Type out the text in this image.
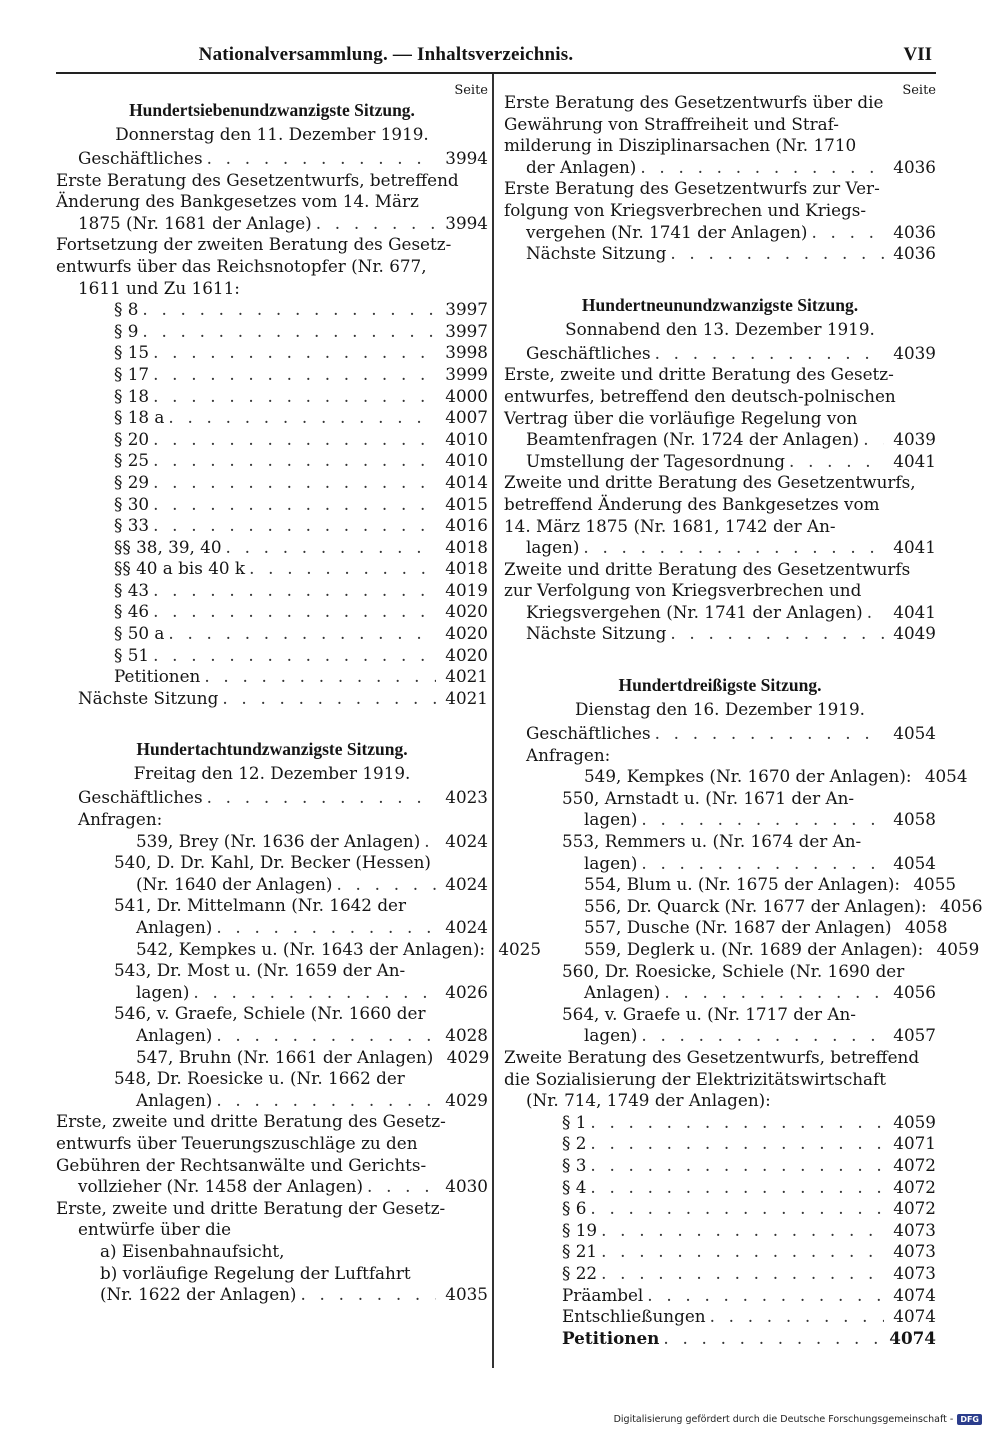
Nationalversammlung. — Inhaltsverzeichnis.	VII
Seite
Hundertsiebenundzwanzigste Sitzung.
Donnerstag den 11. Dezember 1919.
Geschäftliches . . .	3994
Erste Beratung des Gesetzentwurfs, betreffend
Änderung des Bankgesetzes vom 14. März
1875 (Nr. 1681 der Anlage) . . .	3994
Fortsetzung der zweiten Beratung des Gesetz-
entwurfs über das Reichsnotopfer (Nr. 677,
1611 und Zu 1611:
§ 8 . . .	3997
§ 9 . . .	3997
§ 15 . . .	3998
§ 17 . . .	3999
§ 18 . . .	4000
§ 18 a . . .	4007
§ 20 . . .	4010
§ 25 . . .	4010
§ 29 . . .	4014
§ 30 . . .	4015
§ 33 . . .	4016
§§ 38, 39, 40 . . .	4018
§§ 40 a bis 40 k . . .	4018
§ 43 . . .	4019
§ 46 . . .	4020
§ 50 a . . .	4020
§ 51 . . .	4020
Petitionen . . .	4021
Nächste Sitzung . . .	4021
Hundertachtundzwanzigste Sitzung.
Freitag den 12. Dezember 1919.
Geschäftliches . . .	4023
Anfragen:
539, Brey (Nr. 1636 der Anlagen) . . .	4024
540, D. Dr. Kahl, Dr. Becker (Hessen)
(Nr. 1640 der Anlagen) . . .	4024
541, Dr. Mittelmann (Nr. 1642 der
Anlagen) . . .	4024
542, Kempkes u. (Nr. 1643 der Anlagen): 4025
543, Dr. Most u. (Nr. 1659 der An-
lagen) . . .	4026
546, v. Graefe, Schiele (Nr. 1660 der
Anlagen) . . .	4028
547, Bruhn (Nr. 1661 der Anlagen) 4029
548, Dr. Roesicke u. (Nr. 1662 der
Anlagen) . . .	4029
Erste, zweite und dritte Beratung des Gesetz-
entwurfs über Teuerungszuschläge zu den
Gebühren der Rechtsanwälte und Gerichts-
vollzieher (Nr. 1458 der Anlagen) . . .	4030
Erste, zweite und dritte Beratung der Gesetz-
entwürfe über die
a) Eisenbahnaufsicht,
b) vorläufige Regelung der Luftfahrt
(Nr. 1622 der Anlagen) . . .	4035
Seite
Erste Beratung des Gesetzentwurfs über die
Gewährung von Straffreiheit und Straf-
milderung in Disziplinarsachen (Nr. 1710
der Anlagen) . . .	4036
Erste Beratung des Gesetzentwurfs zur Ver-
folgung von Kriegsverbrechen und Kriegs-
vergehen (Nr. 1741 der Anlagen) . . .	4036
Nächste Sitzung . . .	4036
Hundertneunundzwanzigste Sitzung.
Sonnabend den 13. Dezember 1919.
Geschäftliches . . .	4039
Erste, zweite und dritte Beratung des Gesetz-
entwurfes, betreffend den deutsch-polnischen
Vertrag über die vorläufige Regelung von
Beamtenfragen (Nr. 1724 der Anlagen) . . .	4039
Umstellung der Tagesordnung . . .	4041
Zweite und dritte Beratung des Gesetzentwurfs,
betreffend Änderung des Bankgesetzes vom
14. März 1875 (Nr. 1681, 1742 der An-
lagen) . . .	4041
Zweite und dritte Beratung des Gesetzentwurfs
zur Verfolgung von Kriegsverbrechen und
Kriegsvergehen (Nr. 1741 der Anlagen) . . .	4041
Nächste Sitzung . . .	4049
Hundertdreißigste Sitzung.
Dienstag den 16. Dezember 1919.
Geschäftliches . . .	4054
Anfragen:
549, Kempkes (Nr. 1670 der Anlagen): 4054
550, Arnstadt u. (Nr. 1671 der An-
lagen) . . .	4058
553, Remmers u. (Nr. 1674 der An-
lagen) . . .	4054
554, Blum u. (Nr. 1675 der Anlagen): 4055
556, Dr. Quarck (Nr. 1677 der Anlagen): 4056
557, Dusche (Nr. 1687 der Anlagen) 4058
559, Deglerk u. (Nr. 1689 der Anlagen): 4059
560, Dr. Roesicke, Schiele (Nr. 1690 der
Anlagen) . . .	4056
564, v. Graefe u. (Nr. 1717 der An-
lagen) . . .	4057
Zweite Beratung des Gesetzentwurfs, betreffend
die Sozialisierung der Elektrizitätswirtschaft
(Nr. 714, 1749 der Anlagen):
§ 1 . . .	4059
§ 2 . . .	4071
§ 3 . . .	4072
§ 4 . . .	4072
§ 6 . . .	4072
§ 19 . . .	4073
§ 21 . . .	4073
§ 22 . . .	4073
Präambel . . .	4074
Entschließungen . . .	4074
Petitionen . . .	4074
Digitalisierung gefördert durch die Deutsche Forschungsgemeinschaft - DFG
